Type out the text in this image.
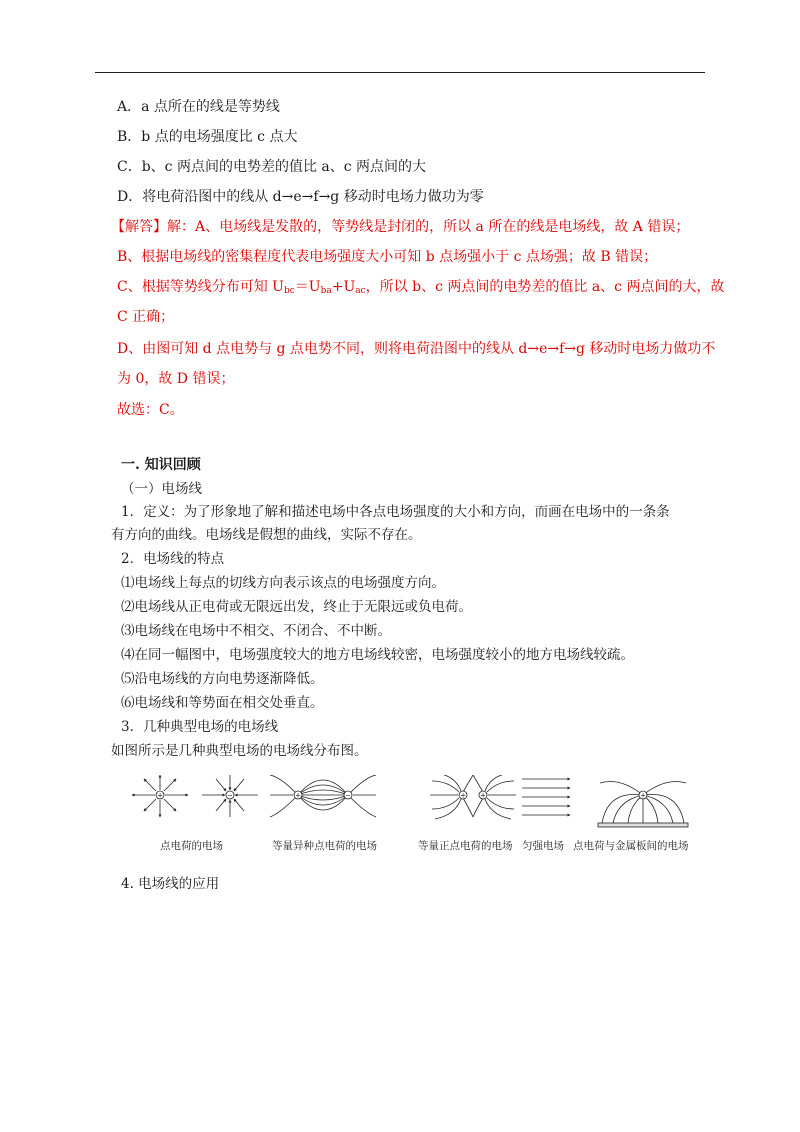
A．a 点所在的线是等势线
B．b 点的电场强度比 c 点大
C．b、c 两点间的电势差的值比 a、c 两点间的大
D．将电荷沿图中的线从 d→e→f→g 移动时电场力做功为零
【解答】解：A、电场线是发散的，等势线是封闭的，所以 a 所在的线是电场线，故 A 错误；
B、根据电场线的密集程度代表电场强度大小可知 b 点场强小于 c 点场强；故 B 错误；
C、根据等势线分布可知 $U_{bc}=U_{ba}+U_{ac}$，所以 b、c 两点间的电势差的值比 a、c 两点间的大，故
C 正确；
D、由图可知 d 点电势与 g 点电势不同，则将电荷沿图中的线从 d→e→f→g 移动时电场力做功不
为 0，故 D 错误；
故选：C。
一. 知识回顾
（一）电场线
1．定义：为了形象地了解和描述电场中各点电场强度的大小和方向，而画在电场中的一条条
有方向的曲线。电场线是假想的曲线，实际不存在。
2．电场线的特点
⑴电场线上每点的切线方向表示该点的电场强度方向。
⑵电场线从正电荷或无限远出发，终止于无限远或负电荷。
⑶电场线在电场中不相交、不闭合、不中断。
⑷在同一幅图中，电场强度较大的地方电场线较密，电场强度较小的地方电场线较疏。
⑸沿电场线的方向电势逐渐降低。
⑹电场线和等势面在相交处垂直。
3．几种典型电场的电场线
如图所示是几种典型电场的电场线分布图。
+	−	+	−	+ +	+
点电荷的电场	等量异种点电荷的电场	等量正点电荷的电场 匀强电场 点电荷与金属板间的电场
4. 电场线的应用
